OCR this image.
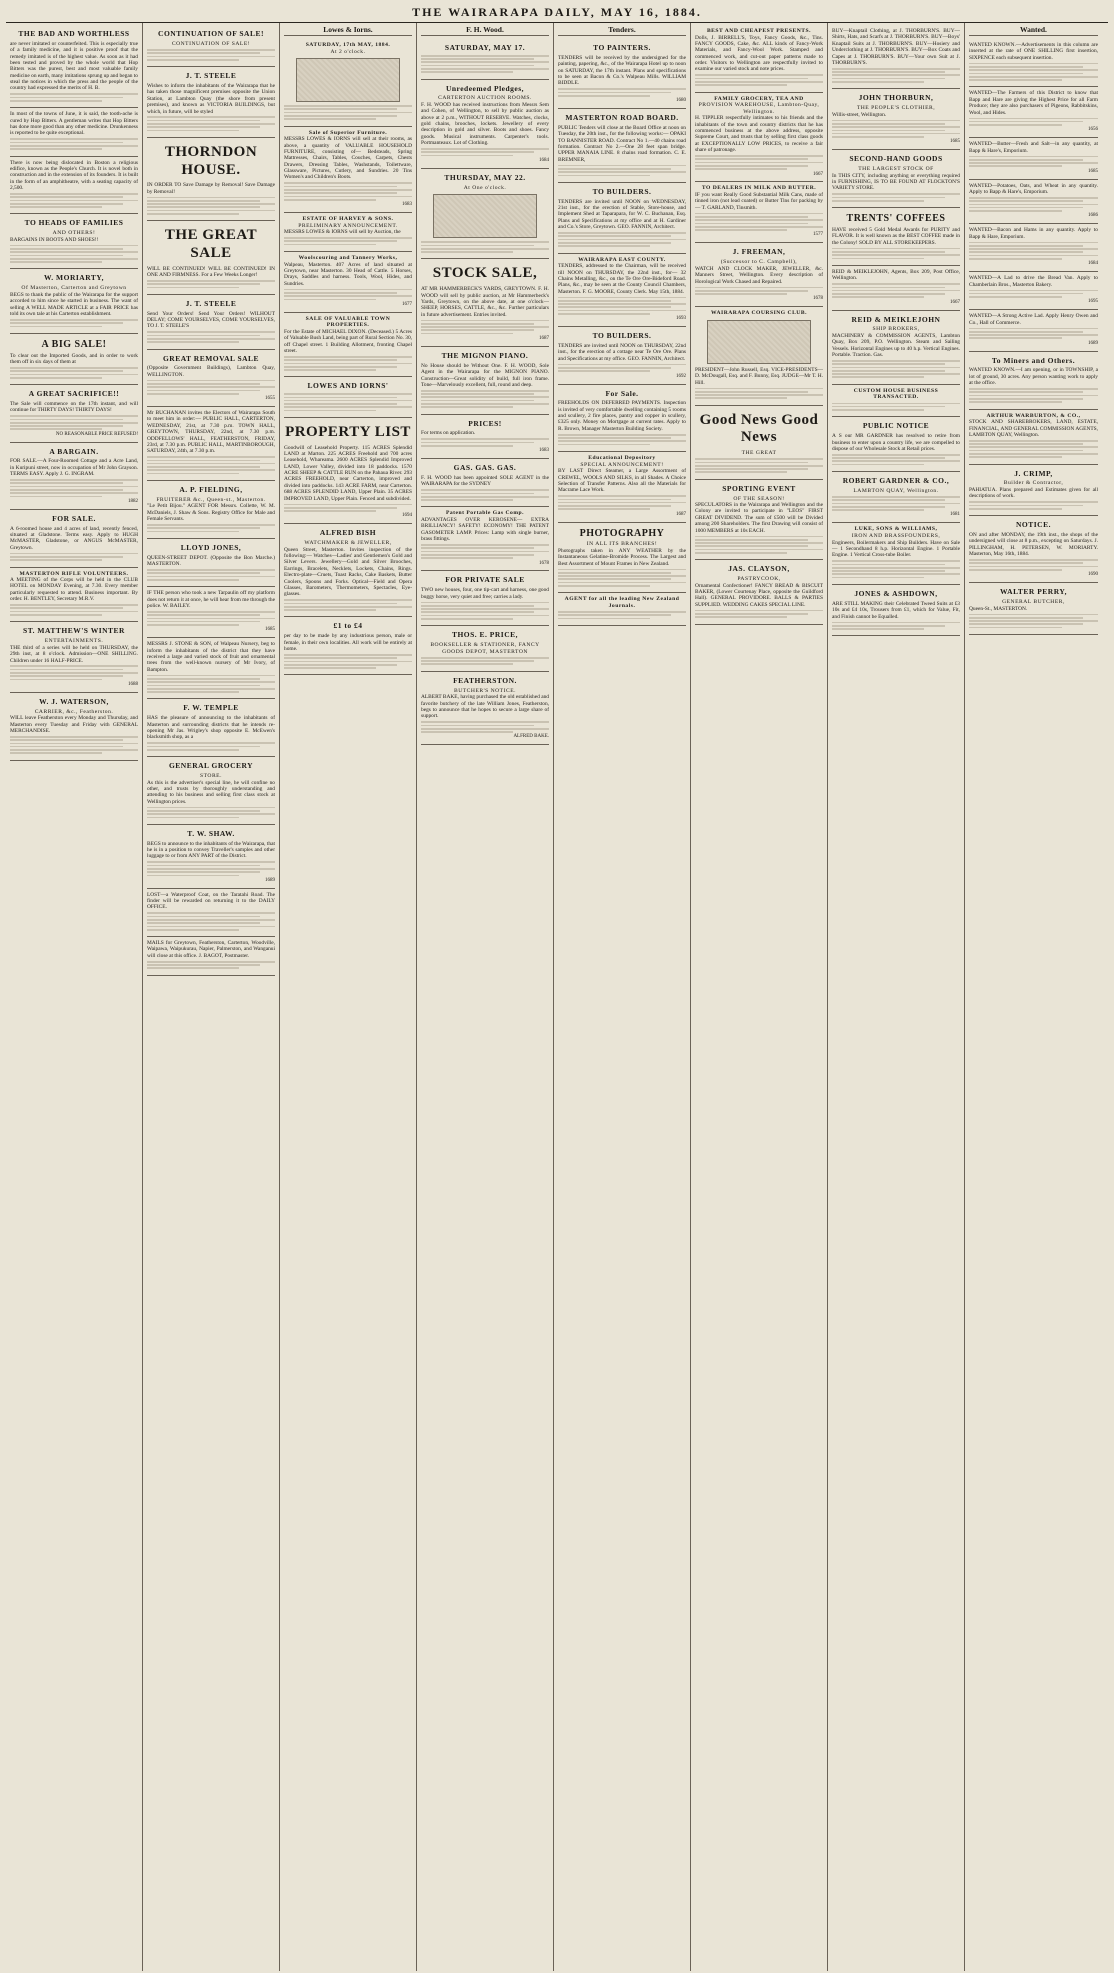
THE WAIRARAPA DAILY, MAY 16, 1884.
THE BAD AND WORTHLESS
are never imitated or counterfeited. This is especially true of a family medicine, and it is positive proof that the remedy imitated is of the highest value. As soon as it had been tested and proved by the whole world that Hop Bitters was the purest, best and most valuable family medicine on earth, many imitations sprung up and began to steal the notices in which the press and the people of the country had expressed the merits of H. B.
In most of the towns of June, it is said, the tooth-ache is cured by Hop Bitters. A gentleman writes that Hop Bitters has done more good than any other medicine. Drunkenness is reported to be quite exceptional.
There is now being dislocated in Boston a religious edifice, known as the People's Church. It is novel both in construction and in the extension of its founders. It is built in the form of an amphitheatre, with a seating capacity of 2,500.
TO HEADS OF FAMILIES
AND OTHERS!
BARGAINS IN BOOTS AND SHOES!!
W. MORIARTY,
Of Masterton, Carterton and Greytown
BEGS to thank the public of the Wairarapa for the support accorded to him since he started in business. The want of selling A WELL MADE ARTICLE at a FAIR PRICE has told its own tale at his Carterton establishment.
A BIG SALE!
To clear out the Imported Goods, and in order to work them off in six days of them at
A GREAT SACRIFICE!!
The Sale will commence on the 17th instant, and will continue for THIRTY DAYS! THIRTY DAYS!
NO REASONABLE PRICE REFUSED!
A BARGAIN.
FOR SALE.—A Four-Roomed Cottage and a Acre Land, in Kuripuni street, now in occupation of Mr John Grayson. TERMS EASY. Apply J. G. INGRAM.
1882
FOR SALE.
A 6-roomed house and 4 acres of land, recently fenced, situated at Gladstone. Terms easy. Apply to HUGH McMASTER, Gladstone, or ANGUS McMASTER, Greytown.
MASTERTON RIFLE VOLUNTEERS.
A MEETING of the Corps will be held in the CLUB HOTEL on MONDAY Evening, at 7.30. Every member particularly requested to attend. Business important. By order. H. BENTLEY, Secretary M.R.V.
ST. MATTHEW'S WINTER
ENTERTAINMENTS.
THE third of a series will be held on THURSDAY, the 29th inst, at 8 o'clock. Admission—ONE SHILLING. Children under 16 HALF-PRICE.
1688
W. J. WATERSON,
CARRIER, &c., Featherston.
WILL leave Featherston every Monday and Thursday, and Masterton every Tuesday and Friday with GENERAL MERCHANDISE.
CONTINUATION OF SALE!
CONTINUATION OF SALE!
J. T. STEELE
Wishes to inform the inhabitants of the Wairarapa that he has taken those magnificent premises opposite the Union Station, at Lambton Quay (the shore from present premises), and known as VICTORIA BUILDINGS, but which, in future, will be styled
THORNDON HOUSE.
IN ORDER TO Save Damage by Removal! Save Damage by Removal!
THE GREAT SALE
WILL BE CONTINUED! WILL BE CONTINUED! IN ONE AND FIRMNESS. For a Few Weeks Longer!
J. T. STEELE
Send Your Orders! Send Your Orders! WILHOUT DELAY; COME YOURSELVES, COME YOURSELVES, TO J. T. STEELE'S
GREAT REMOVAL SALE
(Opposite Government Buildings), Lambton Quay, WELLINGTON.
1655
Mr BUCHANAN invites the Electors of Wairarapa South to meet him in order:— PUBLIC HALL, CARTERTON, WEDNESDAY, 21st, at 7.30 p.m. TOWN HALL, GREYTOWN, THURSDAY, 22nd, at 7.30 p.m. ODDFELLOWS' HALL, FEATHERSTON, FRIDAY, 23rd, at 7.30 p.m. PUBLIC HALL, MARTINBOROUGH, SATURDAY, 24th, at 7.30 p.m.
A. P. FIELDING,
FRUITERER &c., Queen-st., Masterton.
"Le Petit Bijou." AGENT FOR Messrs. Collette, W. M. McDaniels, J. Shaw & Sons. Registry Office for Male and Female Servants.
LLOYD JONES,
QUEEN-STREET DEPOT. (Opposite the Bon Marche.) MASTERTON.
IF THE person who took a new Tarpaulin off my platform does not return it at once, he will hear from me through the police. W. BAILEY.
1685
MESSRS J. STONE & SON, of Walpeau Nursery, beg to inform the inhabitants of the district that they have received a large and varied stock of fruit and ornamental trees from the well-known nursery of Mr Ivory, of Bampton.
F. W. TEMPLE
HAS the pleasure of announcing to the inhabitants of Masterton and surrounding districts that he intends re-opening Mr Jas. Wrigley's shop opposite E. McEwen's blacksmith shop, as a
GENERAL GROCERY
STORE.
As this is the advertiser's special line, he will confine no other, and trusts by thoroughly understanding and attending to his business and selling first class stock at Wellington prices.
T. W. SHAW.
BEGS to announce to the inhabitants of the Wairarapa, that he is in a position to convey Traveller's samples and other luggage to or from ANY PART of the District.
1689
LOST—a Waterproof Coat, on the Taratahi Road. The finder will be rewarded on returning it to the DAILY OFFICE.
MAILS for Greytown, Featherston, Carterton, Woodville, Waipawa, Waipukurau, Napier, Palmerston, and Wanganui will close at this office. J. BAGOT, Postmaster.
Lowes & Iorns.
SATURDAY, 17th MAY, 1884.
At 2 o'clock.
Sale of Superior Furniture.
MESSRS LOWES & IORNS will sell at their rooms, as above, a quantity of VALUABLE HOUSEHOLD FURNITURE, consisting of— Bedsteads, Spring Mattresses, Chairs, Tables, Couches, Carpets, Chests Drawers, Dressing Tables, Washstands, Toilettware, Glassware, Pictures, Cutlery, and Sundries. 20 Tins Women's and Children's Boots.
1683
ESTATE OF HARVEY & SONS.
PRELIMINARY ANNOUNCEMENT.
MESSRS LOWES & IORNS will sell by Auction, the
Woolscouring and Tannery Works,
Walpeau, Masterton. 407 Acres of land situated at Greytown, near Masterton. 30 Head of Cattle. 5 Horses, Drays, Saddles and harness. Tools, Wool, Hides, and Sundries.
1677
SALE OF VALUABLE TOWN PROPERTIES.
For the Estate of MICHAEL DIXON. (Deceased.) 5 Acres of Valuable Bush Land, being part of Rural Section No. 30, off Chapel street. 1 Building Allotment, fronting Chapel street.
LOWES AND IORNS'
PROPERTY LIST
Goodwill of Leasehold Property. 115 ACRES Splendid LAND at Marton. 225 ACRES Freehold and 700 acres Leasehold, Whareama. 2600 ACRES Splendid Improved LAND, Lower Valley, divided into 18 paddocks. 1570 ACRE SHEEP & CATTLE RUN on the Pahaua River. 293 ACRES FREEHOLD, near Carterton, improved and divided into paddocks. 143 ACRE FARM, near Carterton. 688 ACRES SPLENDID LAND, Upper Plain. 35 ACRES IMPROVED LAND, Upper Plain. Fenced and subdivided.
1694
ALFRED BISH
WATCHMAKER & JEWELLER,
Queen Street, Masterton. Invites inspection of the following:— Watches—Ladies' and Gentlemen's Gold and Silver Levers. Jewellery—Gold and Silver Brooches, Earrings, Bracelets, Necklets, Lockets, Chains, Rings. Electro-plate—Cruets, Toast Racks, Cake Baskets, Butter Coolers, Spoons and Forks. Optical—Field and Opera Glasses, Barometers, Thermometers, Spectacles, Eye-glasses.
£1 to £4
per day to be made by any industrious person, male or female, in their own localities. All work will be entirely at home.
F. H. Wood.
SATURDAY, MAY 17.
Unredeemed Pledges,
CARTERTON AUCTION ROOMS.
F. H. WOOD has received instructions from Messrs Sem and Cohen, of Wellington, to sell by public auction as above at 2 p.m., WITHOUT RESERVE. Watches, clocks, gold chains, brooches, lockets. Jewellery of every description in gold and silver. Boots and shoes. Fancy goods. Musical instruments. Carpenter's tools. Portmanteaux. Lot of Clothing.
1684
THURSDAY, MAY 22.
At One o'clock.
STOCK SALE,
AT MR HAMMERBECK'S YARDS, GREYTOWN. F. H. WOOD will sell by public auction, at Mr Hammerbeck's Yards, Greytown, on the above date, at one o'clock— SHEEP, HORSES, CATTLE, &c., &c. Further particulars in future advertisement. Entries invited.
1687
THE MIGNON PIANO.
No House should be Without One. F. H. WOOD, Sole Agent in the Wairarapa for the MIGNON PIANO. Construction—Great solidity of build, full iron frame. Tone—Marvelously excellent, full, round and deep.
PRICES!
For terms on application.
1683
GAS. GAS. GAS.
F. H. WOOD has been appointed SOLE AGENT in the WAIRARAPA for the SYDNEY
Patent Portable Gas Comp.
ADVANTAGES OVER KEROSENE— EXTRA BRILLIANCY! SAFETY! ECONOMY! THE PATENT GASOMETER LAMP. Prices: Lamp with single burner, brass fittings.
1678
FOR PRIVATE SALE
TWO new houses, four, one tip-cart and harness, one good buggy horse, very quiet and free; carries a lady.
THOS. E. PRICE,
BOOKSELLER & STATIONER, FANCY GOODS DEPOT, MASTERTON
FEATHERSTON.
BUTCHER'S NOTICE.
ALBERT BAKE, having purchased the old established and favorite butchery of the late William Jones, Featherston, begs to announce that he hopes to secure a large share of support.
ALFRED BAKE.
Tenders.
TO PAINTERS.
TENDERS will be received by the undersigned for the painting, papering, &c., of the Wairarapa Hotel up to noon on SATURDAY, the 17th instant. Plans and specifications to be seen at Bacon & Co.'s Walpeau Mills. WILLIAM BIDDLE.
1680
MASTERTON ROAD BOARD.
PUBLIC Tenders will close at the Board Office at noon on Tuesday, the 20th inst., for the following works:— OPAKI TO BANNISTER ROAD. Contract No 1.—40 chains road formation. Contract No 2.—One 28 feet span bridge. UPPER MANAIA LINE. 8 chains road formation. C. E. BREMNER,
TO BUILDERS.
TENDERS are invited until NOON on WEDNESDAY, 21st inst., for the erection of Stable, Store-house, and Implement Shed at Taparapara, for W. C. Buchanan, Esq. Plans and Specifications at my office and at H. Gardiner and Co.'s Store, Greytown. GEO. FANNIN, Architect.
WAIRARAPA EAST COUNTY.
TENDERS, addressed to the Chairman, will be received till NOON on THURSDAY, the 22nd inst., for— 32 Chains Metalling, &c., on the Te Ore Ore-Bideford Road. Plans, &c., may be seen at the County Council Chambers, Masterton. F. G. MOORE, County Clerk. May 15th, 1884.
1693
TO BUILDERS.
TENDERS are invited until NOON on THURSDAY, 22nd inst., for the erection of a cottage near Te Ore Ore. Plans and Specifications at my office. GEO. FANNIN, Architect.
1692
For Sale.
FREEHOLDS ON DEFERRED PAYMENTS. Inspection is invited of very comfortable dwelling containing 5 rooms and scullery, 2 fire places, pantry and copper in scullery, £325 only. Money on Mortgage at current rates. Apply to R. Brown, Manager Masterton Building Society.
Educational Depository
SPECIAL ANNOUNCEMENT!
BY LAST Direct Steamer, a Large Assortment of CREWEL, WOOLS AND SILKS, in all Shades. A Choice Selection of Transfer Patterns. Also all the Materials for Macrame Lace Work.
1687
PHOTOGRAPHY
IN ALL ITS BRANCHES!
Photographs taken in ANY WEATHER by the Instantaneous Gelatine-Bromide Process. The Largest and Best Assortment of Mount Frames in New Zealand.
AGENT for all the leading New Zealand Journals.
BEST AND CHEAPEST PRESENTS.
Dolls, J. BIRRELL'S, Toys, Fancy Goods, &c., Tins. FANCY GOODS, Cake, &c. ALL kinds of Fancy-Work Materials, and Fancy-Wool Work. Stamped and commenced work, and cut-out paper patterns made to order. Visitors to Wellington are respectfully invited to examine our varied stock and note prices.
FAMILY GROCERY, TEA AND
PROVISION WAREHOUSE, Lambton-Quay, Wellington.
H. TIPPLER respectfully intimates to his friends and the inhabitants of the town and country districts that he has commenced business at the above address, opposite Supreme Court, and trusts that by selling first class goods at EXCEPTIONALLY LOW PRICES, to receive a fair share of patronage.
1667
TO DEALERS IN MILK AND BUTTER.
IF you want Really Good Substantial Milk Cans, made of tinned iron (not lead coated) or Butter Tins for packing by— T. GARLAND, Tinsmith.
1577
J. FREEMAN,
(Successor to C. Campbell),
WATCH AND CLOCK MAKER, JEWELLER, &c. Manners Street, Wellington. Every description of Horological Work Chased and Repaired.
1678
WAIRARAPA COURSING CLUB.
PRESIDENT—John Russell, Esq. VICE-PRESIDENTS—D. McDougall, Esq. and F. Bunny, Esq. JUDGE—Mr T. H. Hill.
Good News Good News
THE GREAT
SPORTING EVENT
OF THE SEASON!
SPECULATORS in the Wairarapa and Wellington and the Colony are invited to participate in "LEOS" FIRST GREAT DIVIDEND. The sum of £500 will be Divided among 200 Shareholders. The first Drawing will consist of 1000 MEMBERS at 10s EACH.
JAS. CLAYSON,
PASTRYCOOK,
Ornamental Confectioner! FANCY BREAD & BISCUIT BAKER, (Lower Courtenay Place, opposite the Guildford Hall). GENERAL PROVIDORE. BALLS & PARTIES SUPPLIED. WEDDING CAKES SPECIAL LINE.
BUY—Knaptail Clothing, at J. THORBURN'S. BUY—Shirts, Hats, and Scarfs at J. THORBURN'S. BUY—Boys' Knaptail Suits at J. THORBURN'S. BUY—Hosiery and Underclothing at J. THORBURN'S. BUY—Box Coats and Capes at J. THORBURN'S. BUY—Your own Suit at J. THORBURN'S.
JOHN THORBURN,
THE PEOPLE'S CLOTHIER,
Willis-street, Wellington.
1685
SECOND-HAND GOODS
THE LARGEST STOCK OF
In THIS CITY, including anything or everything required in FURNISHING, IS TO BE FOUND AT FLOCKTON'S VARIETY STORE.
TRENTS' COFFEES
HAVE received 5 Gold Medal Awards for PURITY and FLAVOR. It is well known as the BEST COFFEE made in the Colony! SOLD BY ALL STOREKEEPERS.
REID & MEIKLEJOHN, Agents, Box 209, Post Office, Wellington.
1667
REID & MEIKLEJOHN
SHIP BROKERS,
MACHINERY & COMMISSION AGENTS, Lambton Quay, Box 209, P.O. Wellington. Steam and Sailing Vessels. Horizontal Engines up to 40 h.p. Vertical Engines. Portable. Traction. Gas.
CUSTOM HOUSE BUSINESS TRANSACTED.
PUBLIC NOTICE
A S our MR GARDNER has resolved to retire from business to enter upon a country life, we are compelled to dispose of our Wholesale Stock at Retail prices.
ROBERT GARDNER & CO.,
LAMBTON QUAY, Wellington.
1681
LUKE, SONS & WILLIAMS,
IRON AND BRASSFOUNDERS,
Engineers, Boilermakers and Ship Builders. Have on Sale— 1 Secondhand 8 h.p. Horizontal Engine. 1 Portable Engine. 1 Vertical Cross-tube Boiler.
JONES & ASHDOWN,
ARE STILL MAKING their Celebrated Tweed Suits at £3 10s and £4 10s, Trousers from £1, which for Value, Fit, and Finish cannot be Equalled.
Wanted.
WANTED KNOWN.—Advertisements in this column are inserted at the rate of ONE SHILLING first insertion, SIXPENCE each subsequent insertion.
WANTED—The Farmers of this District to know that Bapp and Hare are giving the Highest Price for all Farm Produce; they are also purchasers of Pigeons, Rabbitskins, Wool, and Hides.
1656
WANTED—Butter—Fresh and Salt—in any quantity, at Bapp & Hare's, Emporium.
1685
WANTED—Potatoes, Oats, and Wheat in any quantity. Apply to Bapp & Hare's, Emporium.
1686
WANTED—Bacon and Hams in any quantity. Apply to Bapp & Hare, Emporium.
1684
WANTED—A Lad to drive the Bread Van. Apply to Chamberlain Bros., Masterton Bakery.
1695
WANTED—A Strong Active Lad. Apply Henry Owen and Co., Hall of Commerce.
1689
To Miners and Others.
WANTED KNOWN.—I am opening, or in TOWNSHIP, a lot of ground, 30 acres. Any person wanting work to apply at the office.
ARTHUR WARBURTON, & CO.,
STOCK AND SHAREBROKERS, LAND, ESTATE, FINANCIAL, AND GENERAL COMMISSION AGENTS, LAMBTON QUAY, Wellington.
J. CRIMP,
Builder & Contractor,
PAHIATUA. Plans prepared and Estimates given for all descriptions of work.
NOTICE.
ON and after MONDAY, the 19th inst., the shops of the undersigned will close at 8 p.m., excepting on Saturdays. J. PILLINGHAM, H. PETERSEN, W. MORIARTY. Masterton, May 16th, 1884.
1690
WALTER PERRY,
GENERAL BUTCHER,
Queen-St., MASTERTON.
